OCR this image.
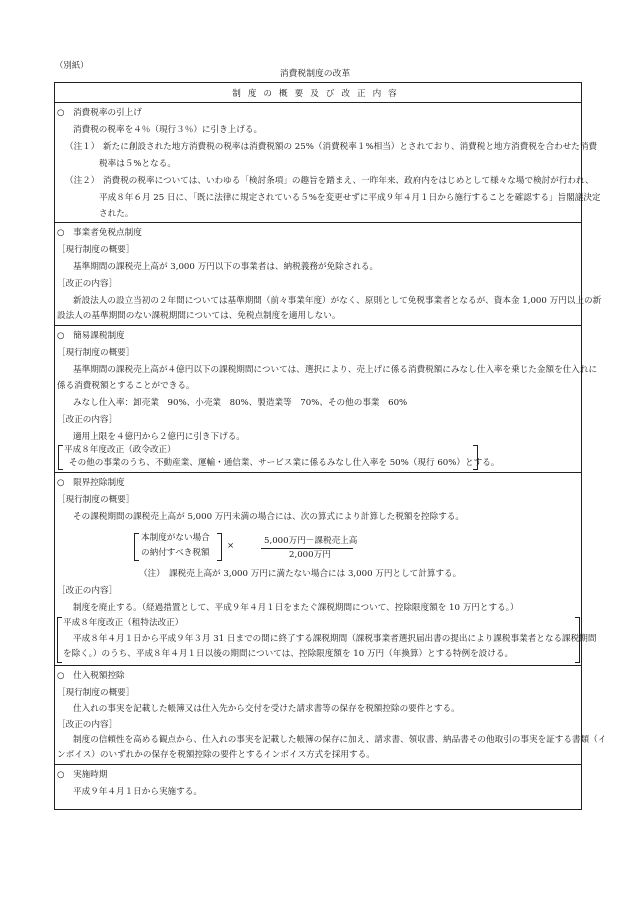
（別紙）
消費税制度の改革
制度の概要及び改正内容
○　消費税率の引上げ
消費税の税率を４％（現行３％）に引き上げる。
（注１） 新たに創設された地方消費税の税率は消費税額の 25%（消費税率１%相当）とされており、消費税と地方消費税を合わせた消費
税率は５%となる。
（注２） 消費税の税率については、いわゆる「検討条項」の趣旨を踏まえ、一昨年来、政府内をはじめとして様々な場で検討が行われ、
平成８年６月 25 日に、「既に法律に規定されている５%を変更せずに平成９年４月１日から施行することを確認する」旨閣議決定
された。
○　事業者免税点制度
［現行制度の概要］
基準期間の課税売上高が 3,000 万円以下の事業者は、納税義務が免除される。
［改正の内容］
新設法人の設立当初の２年間については基準期間（前々事業年度）がなく、原則として免税事業者となるが、資本金 1,000 万円以上の新
設法人の基準期間のない課税期間については、免税点制度を適用しない。
○　簡易課税制度
［現行制度の概要］
基準期間の課税売上高が４億円以下の課税期間については、選択により、売上げに係る消費税額にみなし仕入率を乗じた金額を仕入れに
係る消費税額とすることができる。
みなし仕入率：卸売業　90%、小売業　80%、製造業等　70%、その他の事業　60%
［改正の内容］
適用上限を４億円から２億円に引き下げる。
平成８年度改正（政令改正）
その他の事業のうち、不動産業、運輸・通信業、サービス業に係るみなし仕入率を 50%（現行 60%）とする。
○　限界控除制度
［現行制度の概要］
その課税期間の課税売上高が 5,000 万円未満の場合には、次の算式により計算した税額を控除する。
本制度がない場合
の納付すべき税額
×	5,000万円－課税売上高
2,000万円
（注）　課税売上高が 3,000 万円に満たない場合には 3,000 万円として計算する。
［改正の内容］
制度を廃止する。（経過措置として、平成９年４月１日をまたぐ課税期間について、控除限度額を 10 万円とする。）
平成８年度改正（租特法改正）
平成８年４月１日から平成９年３月 31 日までの間に終了する課税期間（課税事業者選択届出書の提出により課税事業者となる課税期間
を除く。）のうち、平成８年４月１日以後の期間については、控除限度額を 10 万円（年換算）とする特例を設ける。
○　仕入税額控除
［現行制度の概要］
仕入れの事実を記載した帳簿又は仕入先から交付を受けた請求書等の保存を税額控除の要件とする。
［改正の内容］
制度の信頼性を高める観点から、仕入れの事実を記載した帳簿の保存に加え、請求書、領収書、納品書その他取引の事実を証する書類（イ
ンボイス）のいずれかの保存を税額控除の要件とするインボイス方式を採用する。
○　実施時期
平成９年４月１日から実施する。
